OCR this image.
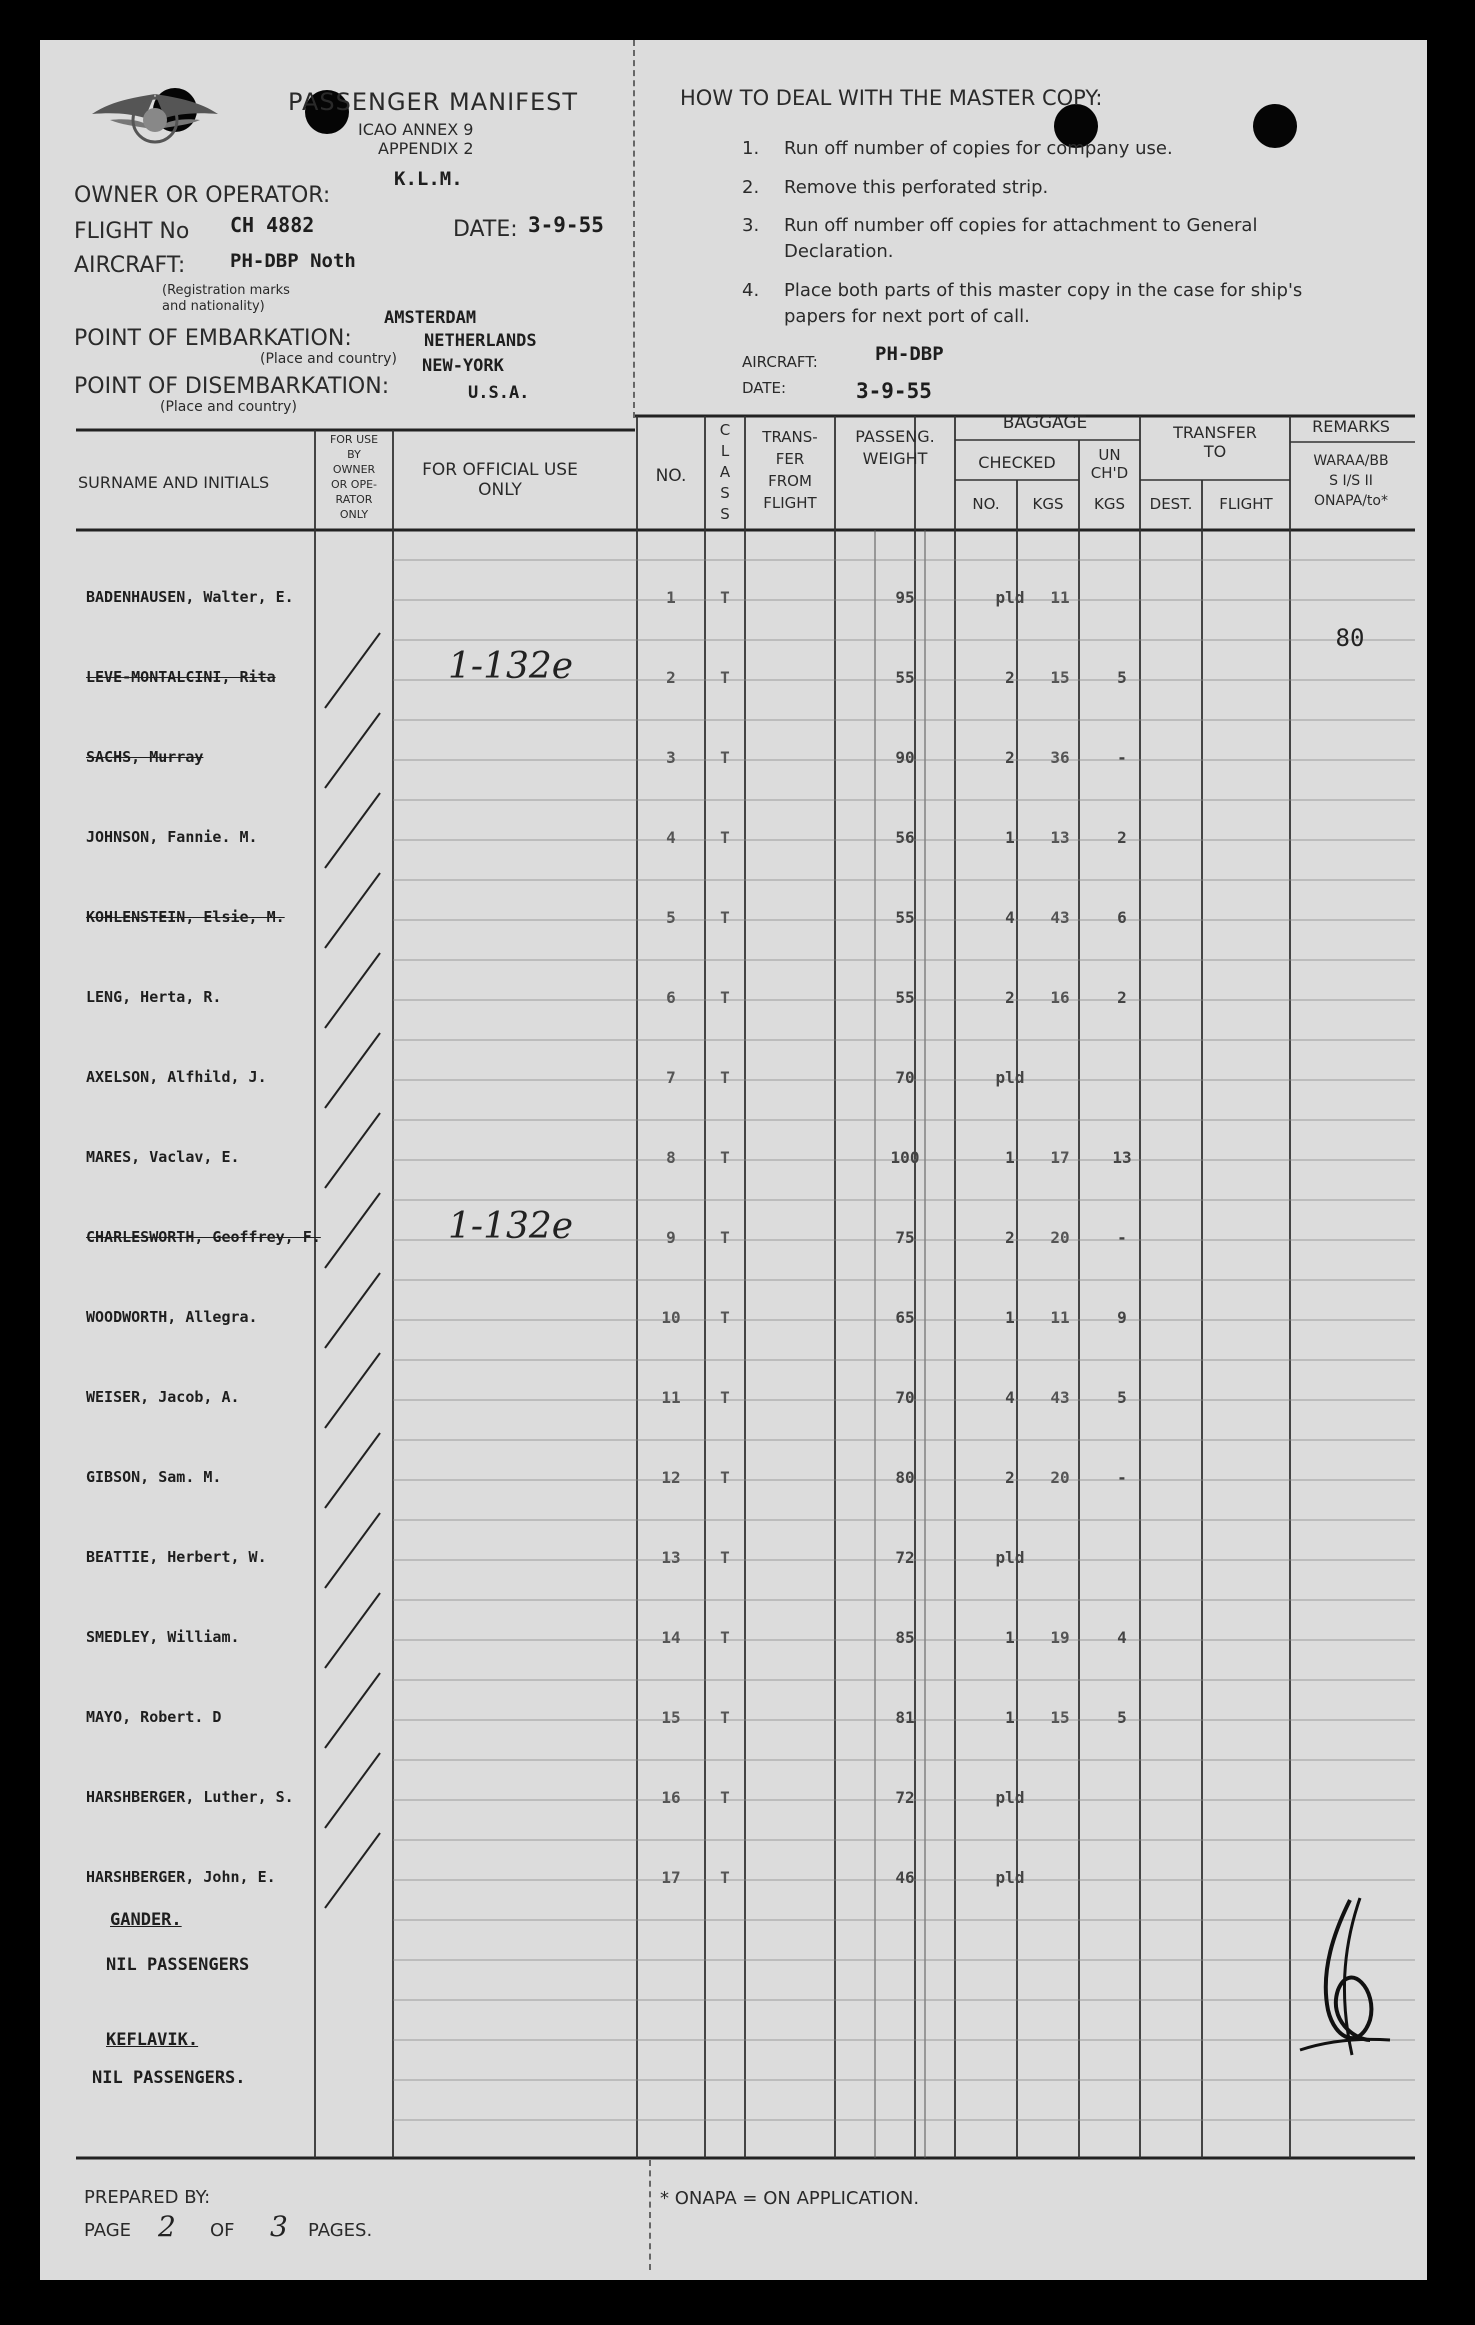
PASSENGER MANIFEST
ICAO ANNEX 9
APPENDIX 2
OWNER OR OPERATOR:
K.L.M.
FLIGHT No CH 4882	DATE: 3-9-55
AIRCRAFT: PH-DBP Noth
(Registration marks
and nationality)
POINT OF EMBARKATION:
(Place and country)
AMSTERDAM
NETHERLANDS
POINT OF DISEMBARKATION:
(Place and country)
NEW-YORK
U.S.A.
HOW TO DEAL WITH THE MASTER COPY:
1. Run off number of copies for company use.
2. Remove this perforated strip.
3. Run off number off copies for attachment to General
Declaration.
4. Place both parts of this master copy in the case for ship's
papers for next port of call.
AIRCRAFT:	PH-DBP
DATE:	3-9-55
SURNAME AND INITIALS
FOR USE
BY
OWNER
OR OPE-
RATOR
ONLY
FOR OFFICIAL USE
ONLY
NO.
C
L
A
S
S
TRANS-
FER
FROM
FLIGHT
PASSENG.
WEIGHT
BAGGAGE
CHECKED	UN
CH'D
NO.	KGS	KGS
TRANSFER
TO
DEST.	FLIGHT
REMARKS
WARAA/BB
S I/S II
ONAPA/to*
BADENHAUSEN, Walter, E.	1	T	95	pld	11
80
LEVE-MONTALCINI, Rita	1-132e	2	T	55	2	15	5
SACHS, Murray	3	T	90	2	36	-
JOHNSON, Fannie. M.	4	T	56	1	13	2
KOHLENSTEIN, Elsie, M.	5	T	55	4	43	6
LENG, Herta, R.	6	T	55	2	16	2
AXELSON, Alfhild, J.	7	T	70	pld
MARES, Vaclav, E.	8	T	100	1	17	13
CHARLESWORTH, Geoffrey, F.	1-132e	9	T	75	2	20	-
WOODWORTH, Allegra.	10	T	65	1	11	9
WEISER, Jacob, A.	11	T	70	4	43	5
GIBSON, Sam. M.	12	T	80	2	20	-
BEATTIE, Herbert, W.	13	T	72	pld
SMEDLEY, William.	14	T	85	1	19	4
MAYO, Robert. D	15	T	81	1	15	5
HARSHBERGER, Luther, S.	16	T	72	pld
HARSHBERGER, John, E.	17	T	46	pld
GANDER.
NIL PASSENGERS
KEFLAVIK.
NIL PASSENGERS.
PREPARED BY:
PAGE 2 OF 3 PAGES.
* ONAPA = ON APPLICATION.
